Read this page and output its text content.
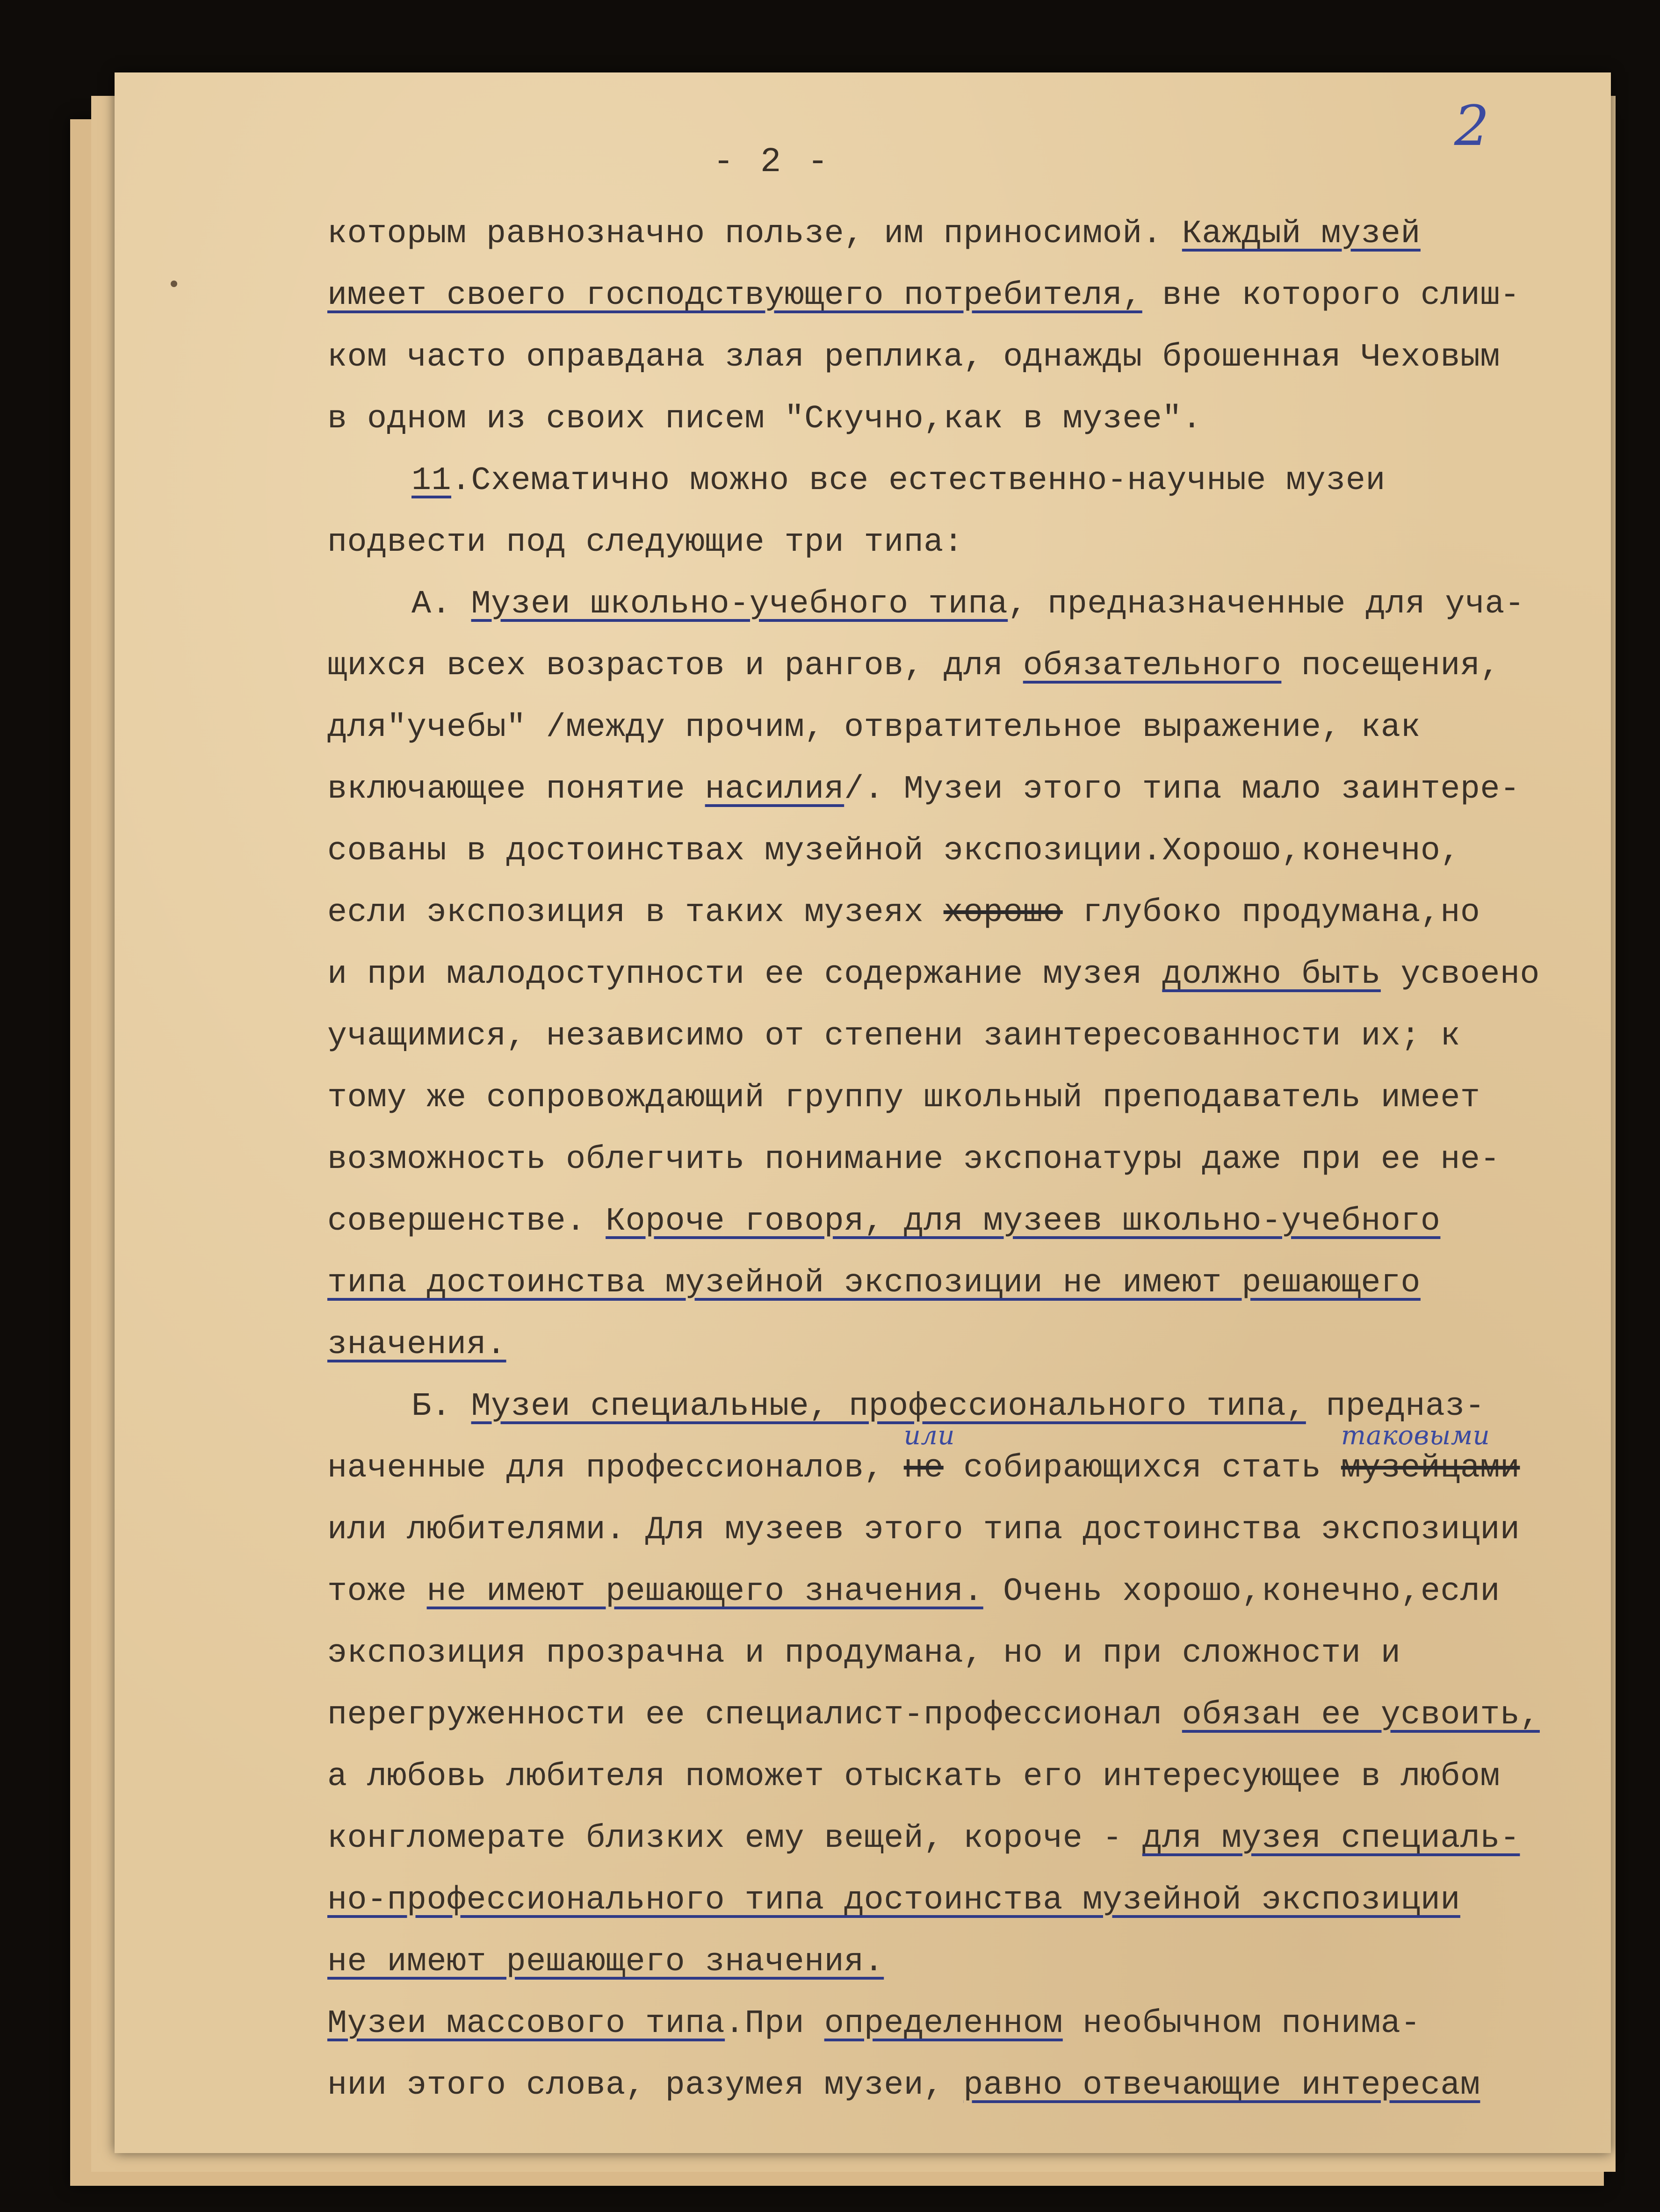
2
- 2 -
которым равнозначно пользе, им приносимой. Каждый музей
имеет своего господствующего потребителя, вне которого слиш-
ком часто оправдана злая реплика, однажды брошенная Чеховым
в одном из своих писем "Скучно,как в музее".
11.Схематично можно все естественно-научные музеи
подвести под следующие три типа:
А. Музеи школьно-учебного типа, предназначенные для уча-
щихся всех возрастов и рангов, для обязательного посещения,
для"учебы" /между прочим, отвратительное выражение, как
включающее понятие насилия/. Музеи этого типа мало заинтере-
сованы в достоинствах музейной экспозиции.Хорошо,конечно,
если экспозиция в таких музеях хорошо глубоко продумана,но
и при малодоступности ее содержание музея должно быть усвоено
учащимися, независимо от степени заинтересованности их; к
тому же сопровождающий группу школьный преподаватель имеет
возможность облегчить понимание экспонатуры даже при ее не-
совершенстве. Короче говоря, для музеев школьно-учебного
типа достоинства музейной экспозиции не имеют решающего
значения.
Б. Музеи специальные, профессионального типа, предназ-
наченные для профессионалов,
или
не собирающихся стать
таковыми
музейцами
или любителями. Для музеев этого типа достоинства экспозиции
тоже не имеют решающего значения. Очень хорошо,конечно,если
экспозиция прозрачна и продумана, но и при сложности и
перегруженности ее специалист-профессионал обязан ее усвоить,
а любовь любителя поможет отыскать его интересующее в любом
конгломерате близких ему вещей, короче - для музея специаль-
но-профессионального типа достоинства музейной экспозиции
не имеют решающего значения.
Музеи массового типа.При определенном необычном понима-
нии этого слова, разумея музеи, равно отвечающие интересам
